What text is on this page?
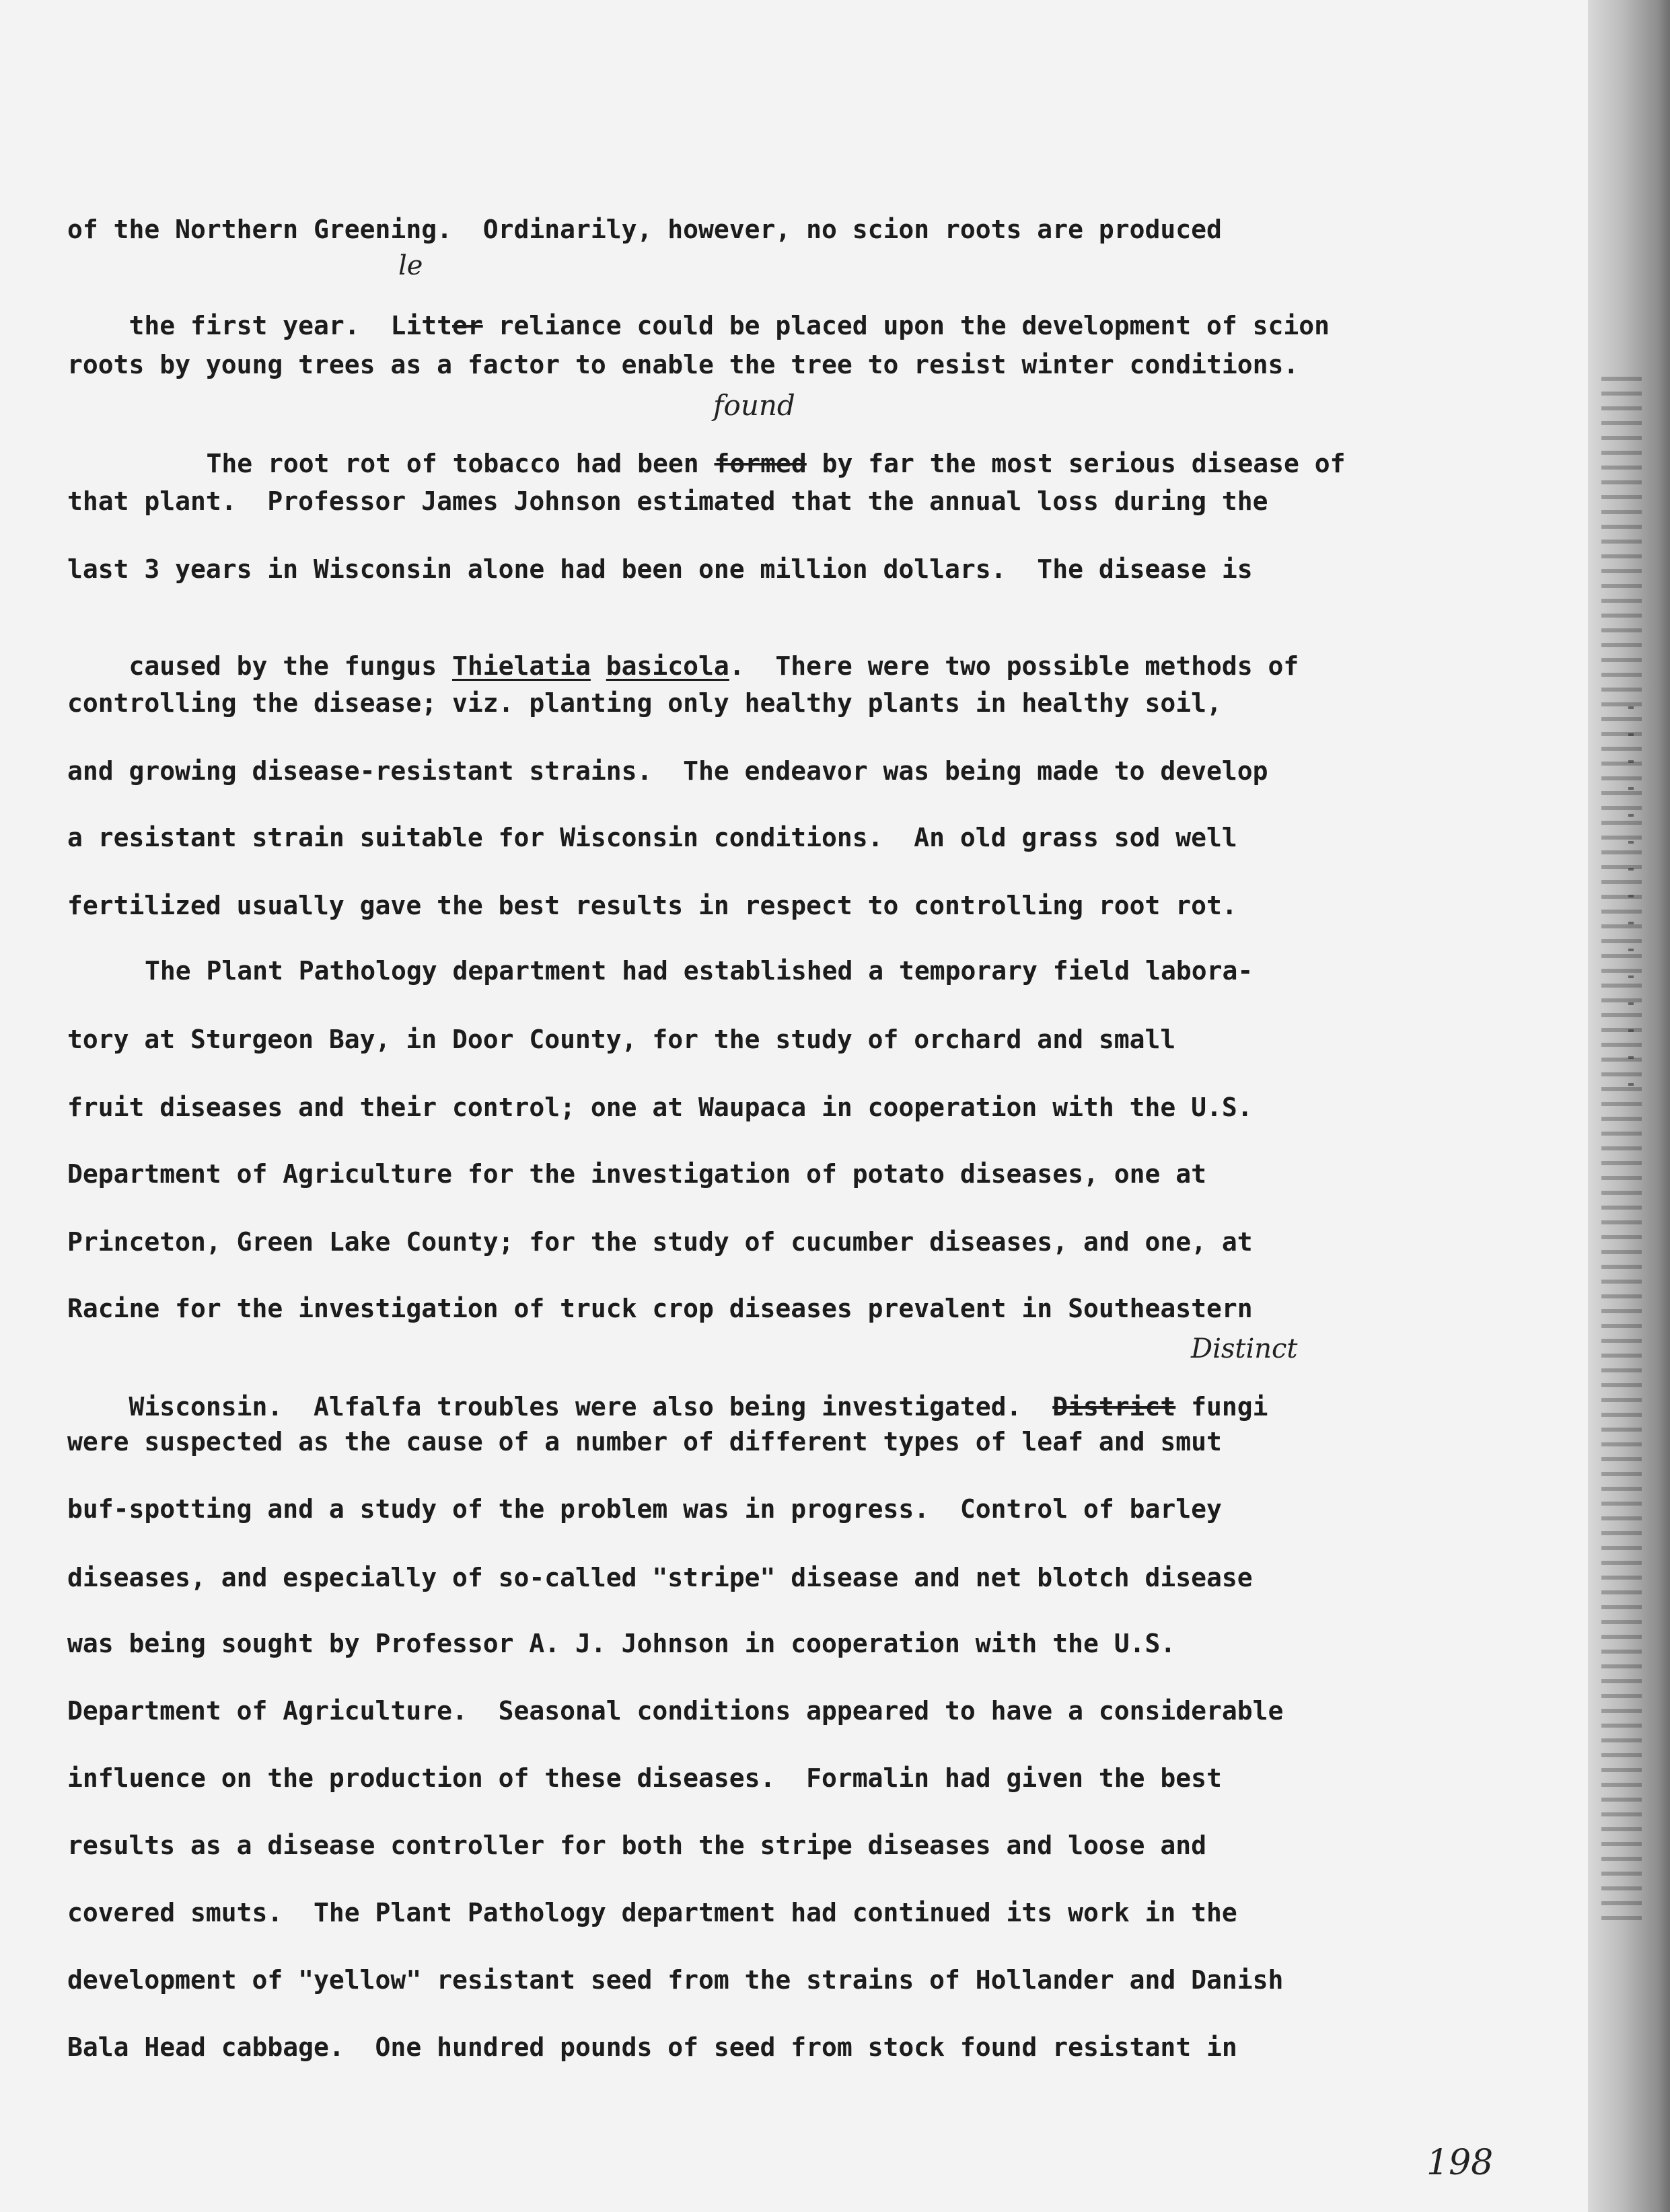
of the Northern Greening.  Ordinarily, however, no scion roots are produced

the first year.  Litter reliance could be placed upon the development of scion

le
roots by young trees as a factor to enable the tree to resist winter conditions.

The root rot of tobacco had been formed by far the most serious disease of

found
that plant.  Professor James Johnson estimated that the annual loss during the
last 3 years in Wisconsin alone had been one million dollars.  The disease is

caused by the fungus Thielatia basicola.  There were two possible methods of

controlling the disease; viz. planting only healthy plants in healthy soil,
and growing disease-resistant strains.  The endeavor was being made to develop
a resistant strain suitable for Wisconsin conditions.  An old grass sod well
fertilized usually gave the best results in respect to controlling root rot.
The Plant Pathology department had established a temporary field labora-
tory at Sturgeon Bay, in Door County, for the study of orchard and small
fruit diseases and their control; one at Waupaca in cooperation with the U.S.
Department of Agriculture for the investigation of potato diseases, one at
Princeton, Green Lake County; for the study of cucumber diseases, and one, at
Racine for the investigation of truck crop diseases prevalent in Southeastern

Wisconsin.  Alfalfa troubles were also being investigated.  District fungi

Distinct
were suspected as the cause of a number of different types of leaf and smut
buf-spotting and a study of the problem was in progress.  Control of barley
diseases, and especially of so-called "stripe" disease and net blotch disease
was being sought by Professor A. J. Johnson in cooperation with the U.S.
Department of Agriculture.  Seasonal conditions appeared to have a considerable
influence on the production of these diseases.  Formalin had given the best
results as a disease controller for both the stripe diseases and loose and
covered smuts.  The Plant Pathology department had continued its work in the
development of "yellow" resistant seed from the strains of Hollander and Danish
Bala Head cabbage.  One hundred pounds of seed from stock found resistant in
198
